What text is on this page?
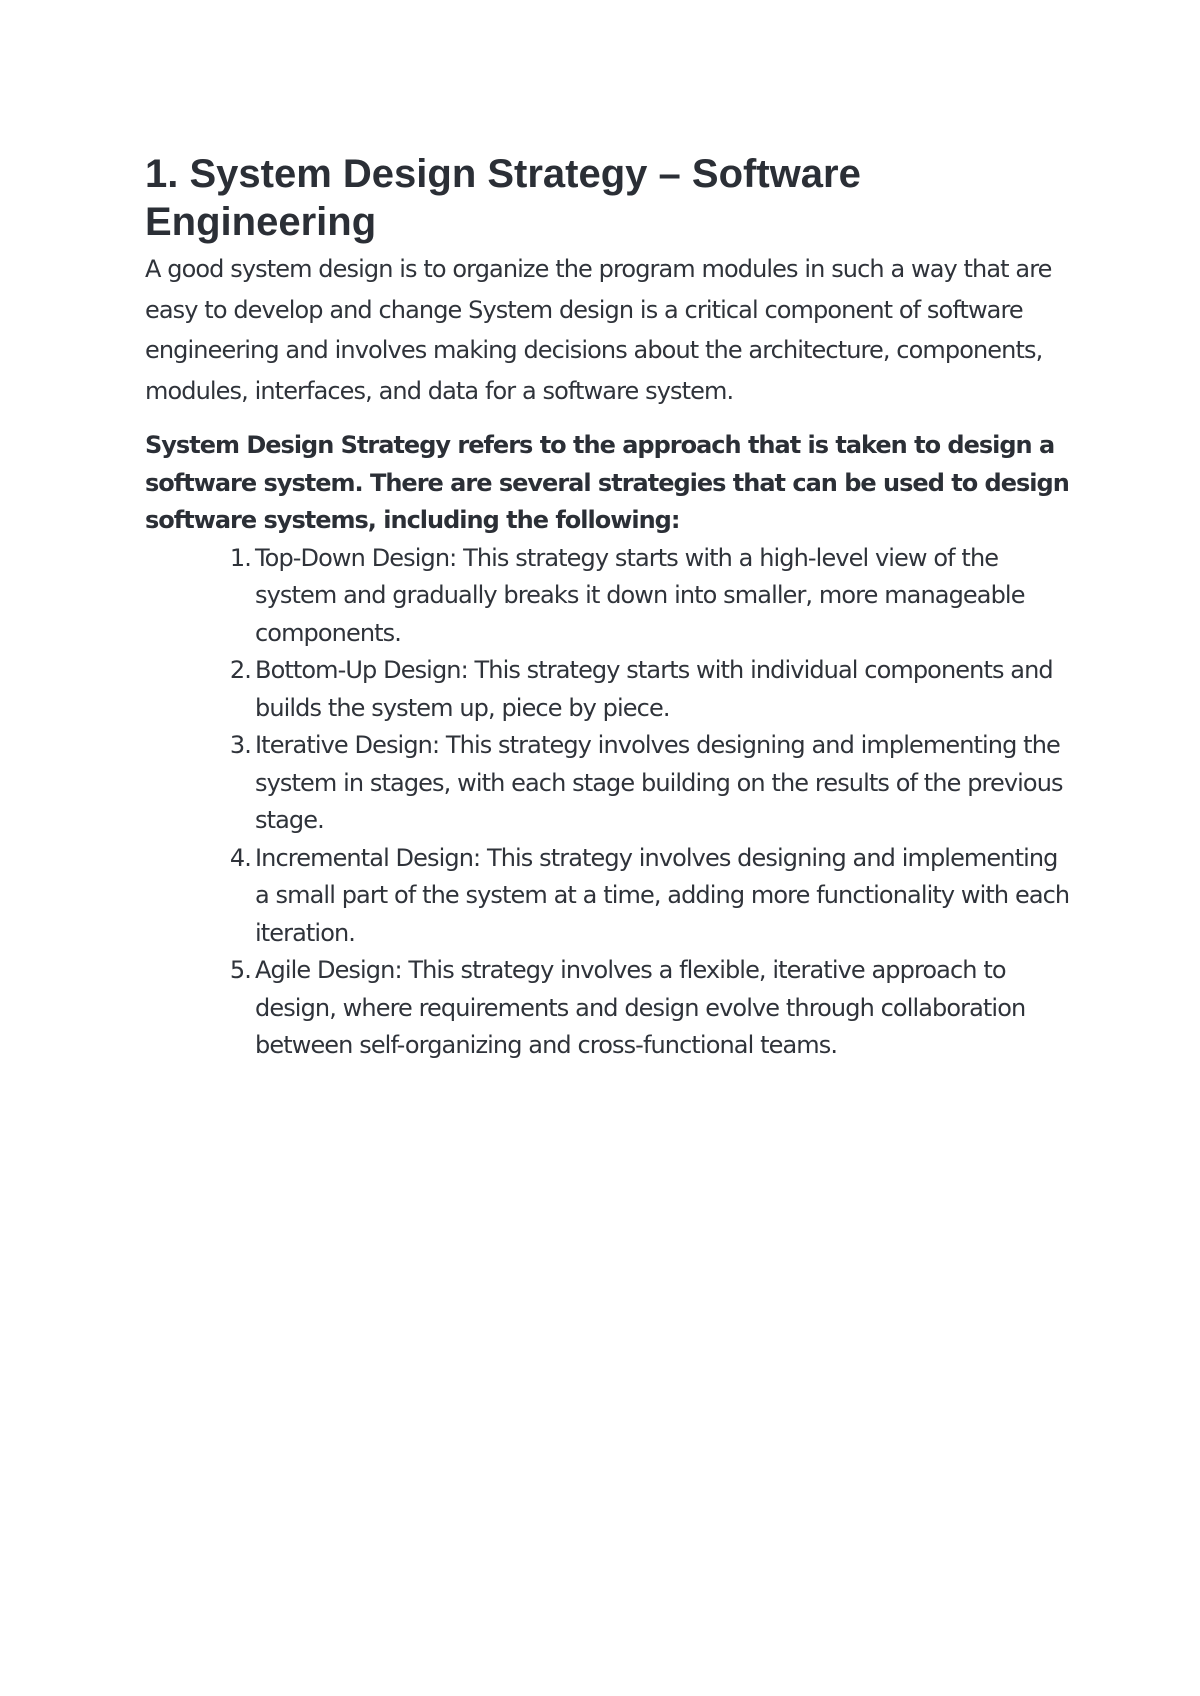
1. System Design Strategy – Software Engineering

A good system design is to organize the program modules in such a way that are easy to develop and change System design is a critical component of software engineering and involves making decisions about the architecture, components, modules, interfaces, and data for a software system.

System Design Strategy refers to the approach that is taken to design a software system. There are several strategies that can be used to design software systems, including the following:

1. Top-Down Design: This strategy starts with a high-level view of the system and gradually breaks it down into smaller, more manageable components.
2. Bottom-Up Design: This strategy starts with individual components and builds the system up, piece by piece.
3. Iterative Design: This strategy involves designing and implementing the system in stages, with each stage building on the results of the previous stage.
4. Incremental Design: This strategy involves designing and implementing a small part of the system at a time, adding more functionality with each iteration.
5. Agile Design: This strategy involves a flexible, iterative approach to design, where requirements and design evolve through collaboration between self-organizing and cross-functional teams.
